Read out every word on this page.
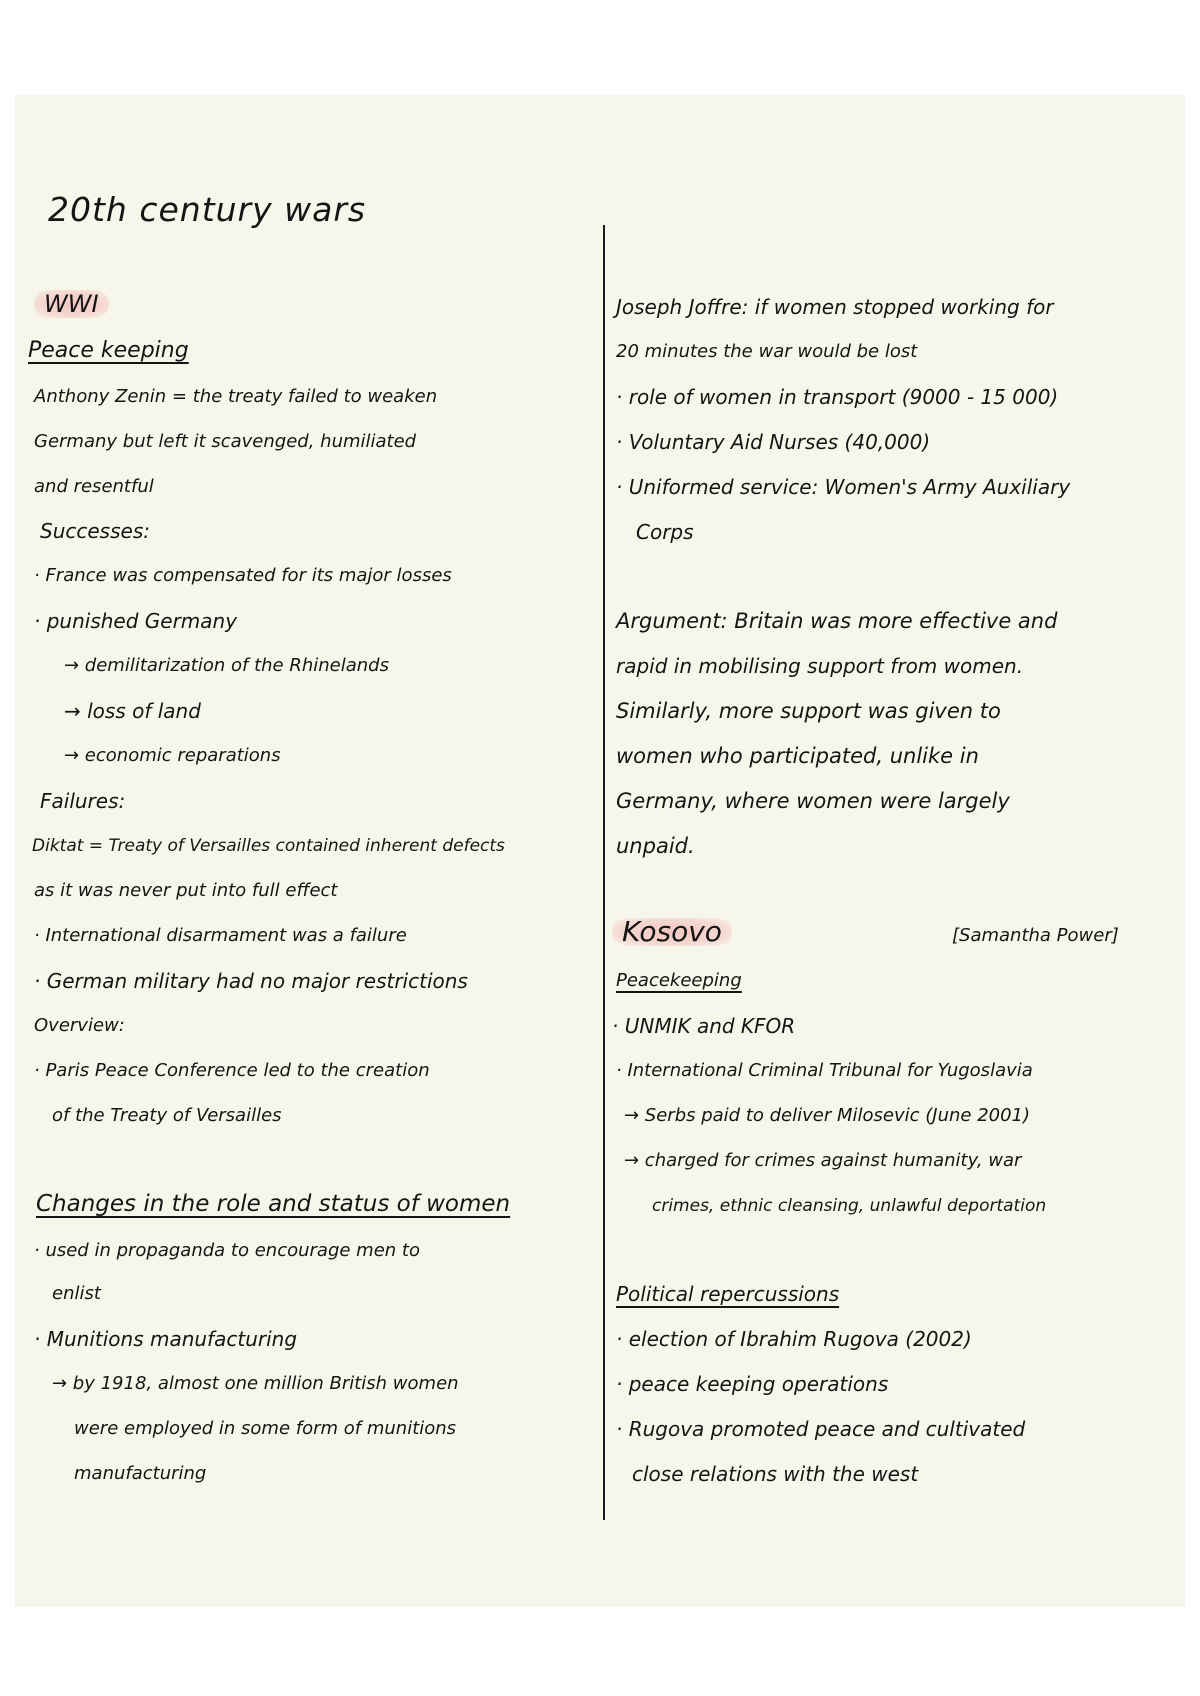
20th century wars
WWI
Peace keeping
Anthony Zenin = the treaty failed to weaken
Germany but left it scavenged, humiliated
and resentful
Successes:
· France was compensated for its major losses
· punished Germany
→ demilitarization of the Rhinelands
→ loss of land
→ economic reparations
Failures:
Diktat = Treaty of Versailles contained inherent defects
as it was never put into full effect
· International disarmament was a failure
· German military had no major restrictions
Overview:
· Paris Peace Conference led to the creation
of the Treaty of Versailles
Changes in the role and status of women
· used in propaganda to encourage men to
enlist
· Munitions manufacturing
→ by 1918, almost one million British women
were employed in some form of munitions
manufacturing
Joseph Joffre: if women stopped working for
20 minutes the war would be lost
· role of women in transport (9000 - 15 000)
· Voluntary Aid Nurses (40,000)
· Uniformed service: Women's Army Auxiliary
Corps
Argument: Britain was more effective and
rapid in mobilising support from women.
Similarly, more support was given to
women who participated, unlike in
Germany, where women were largely
unpaid.
Kosovo	[Samantha Power]
Peacekeeping
· UNMIK and KFOR
· International Criminal Tribunal for Yugoslavia
→ Serbs paid to deliver Milosevic (June 2001)
→ charged for crimes against humanity, war
crimes, ethnic cleansing, unlawful deportation
Political repercussions
· election of Ibrahim Rugova (2002)
· peace keeping operations
· Rugova promoted peace and cultivated
close relations with the west
